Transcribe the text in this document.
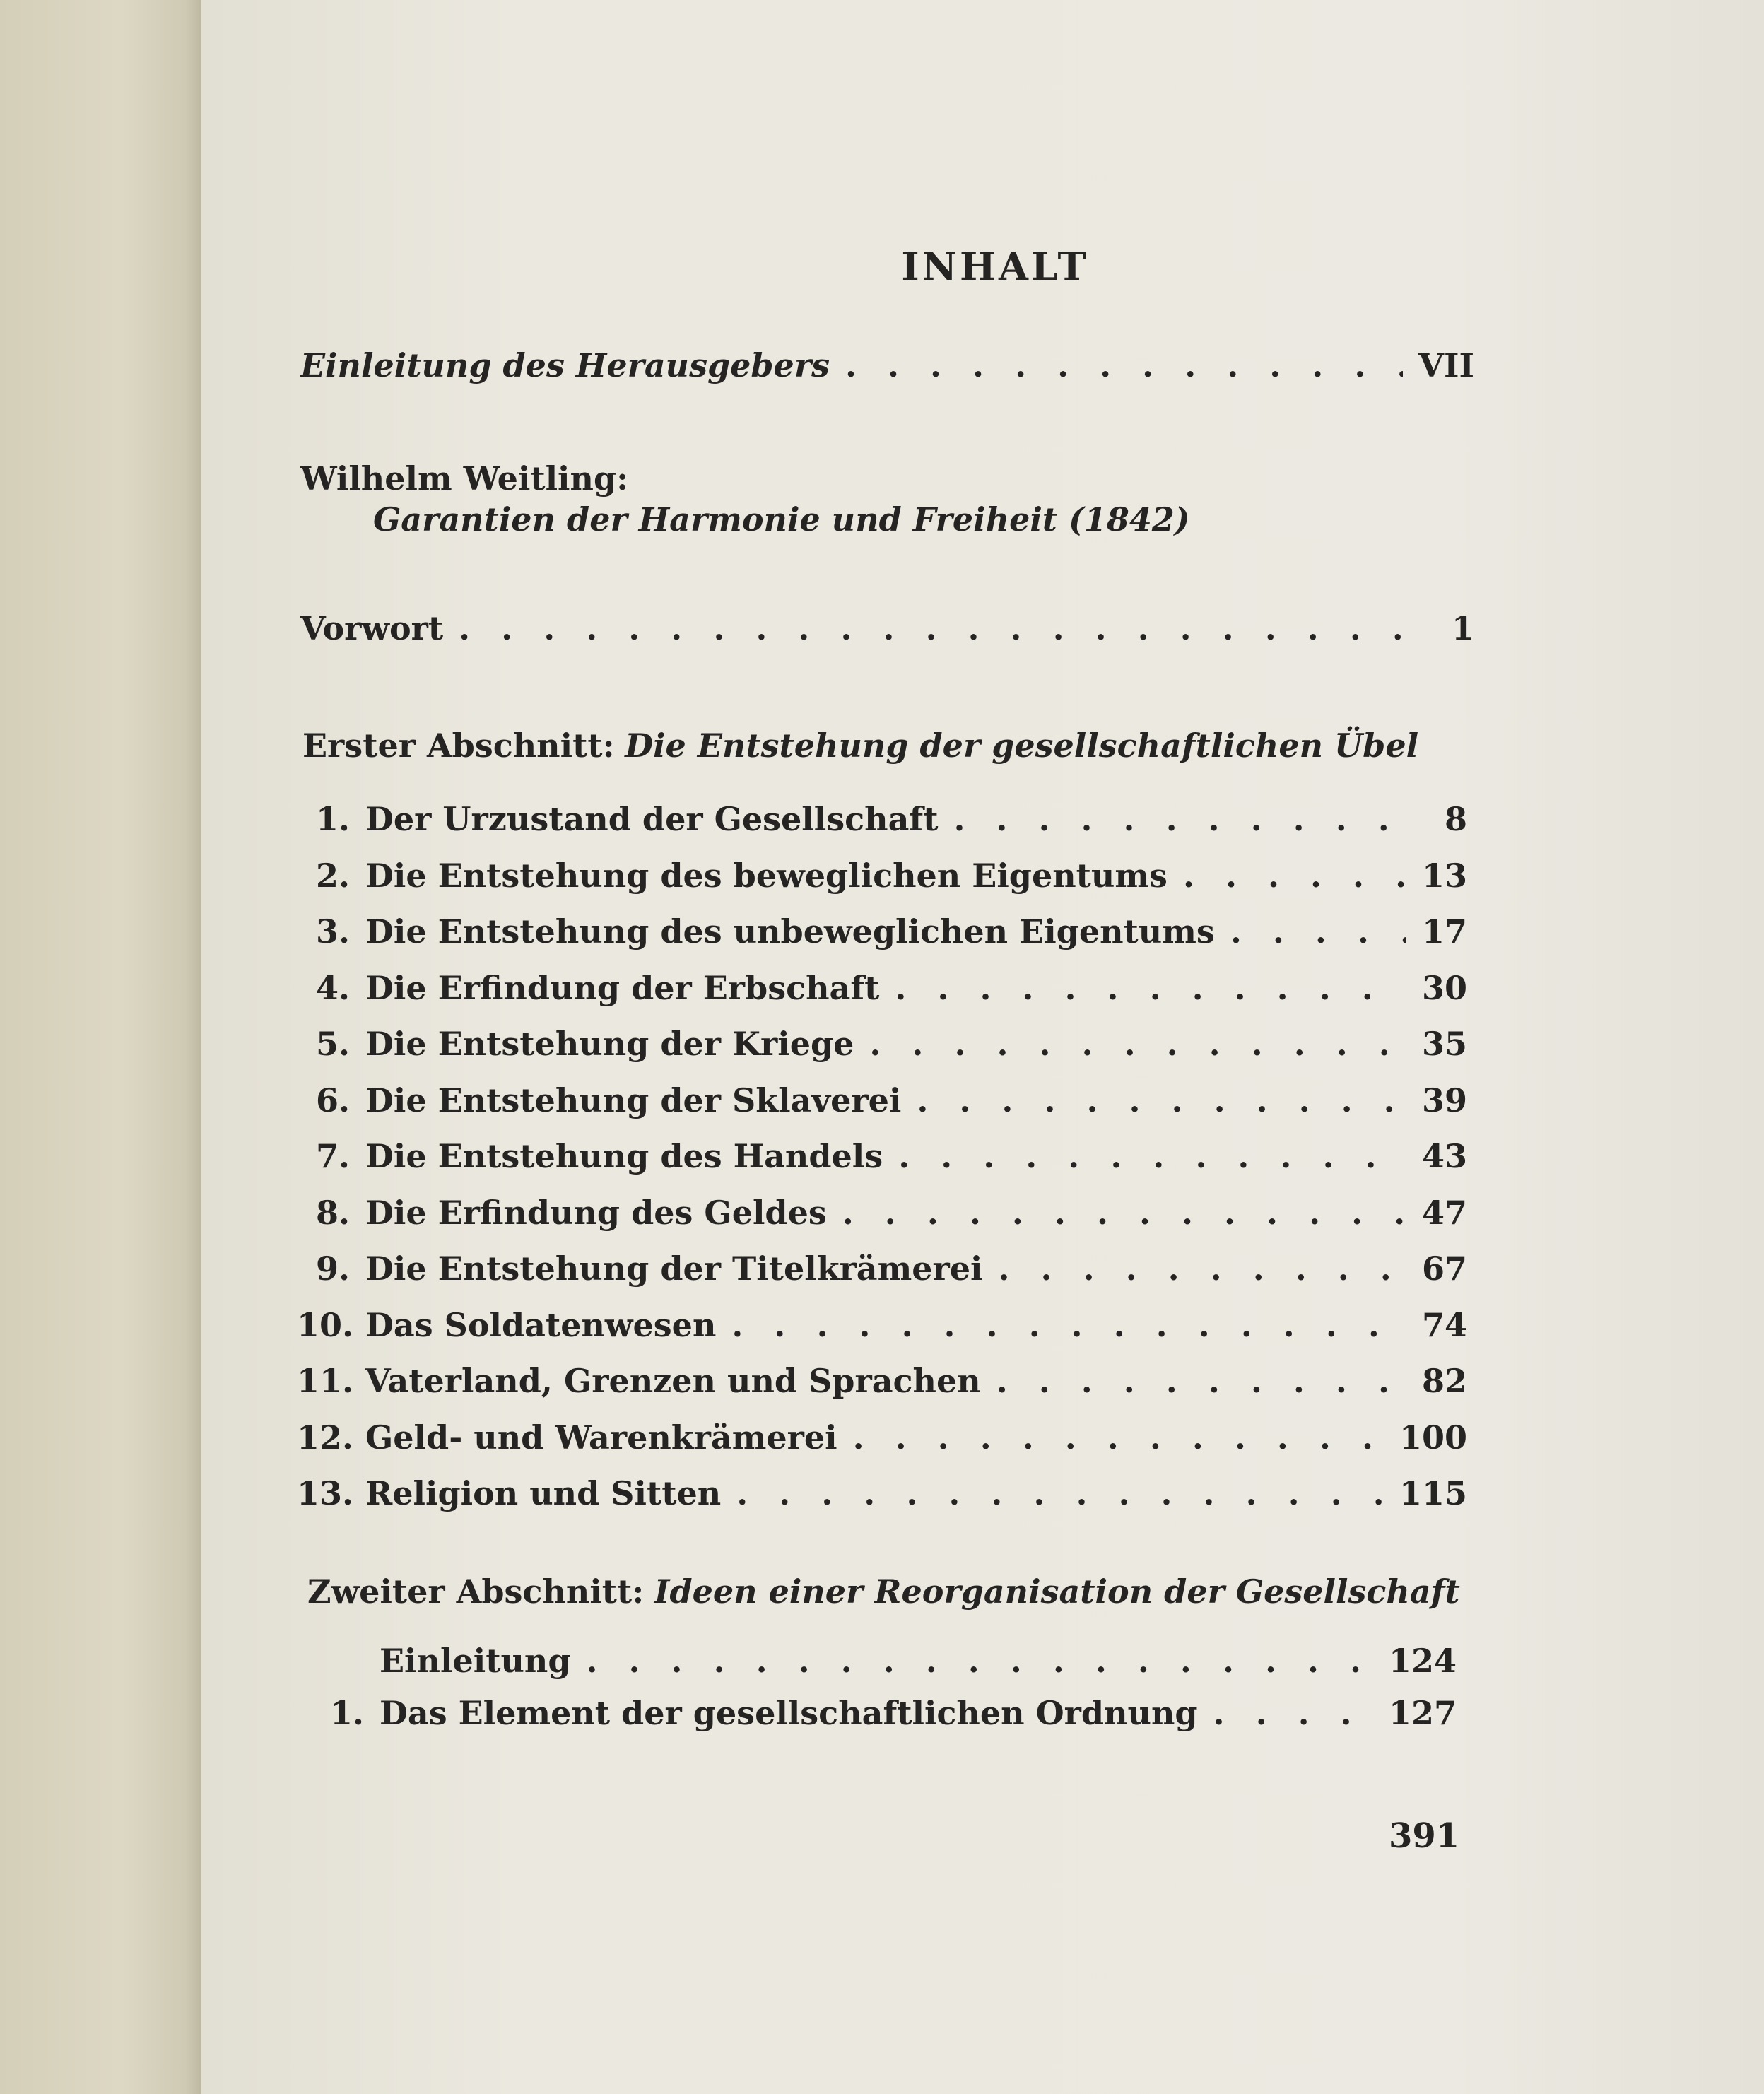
INHALT
Einleitung des Herausgebers . . .	VII
Wilhelm Weitling:
Garantien der Harmonie und Freiheit (1842)
Vorwort . . .	1
Erster Abschnitt:
Die Entstehung der gesellschaftlichen Übel
1. Der Urzustand der Gesellschaft . . .	8
2. Die Entstehung des beweglichen Eigentums . . .	13
3. Die Entstehung des unbeweglichen Eigentums . . .	17
4. Die Erfindung der Erbschaft . . .	30
5. Die Entstehung der Kriege . . .	35
6. Die Entstehung der Sklaverei . . .	39
7. Die Entstehung des Handels . . .	43
8. Die Erfindung des Geldes . . .	47
9. Die Entstehung der Titelkrämerei . . .	67
10. Das Soldatenwesen . . .	74
11. Vaterland, Grenzen und Sprachen . . .	82
12. Geld- und Warenkrämerei . . .	100
13. Religion und Sitten . . .	115
Zweiter Abschnitt:
Ideen einer Reorganisation der Gesellschaft
Einleitung . . .	124
1. Das Element der gesellschaftlichen Ordnung . . .	127
391
